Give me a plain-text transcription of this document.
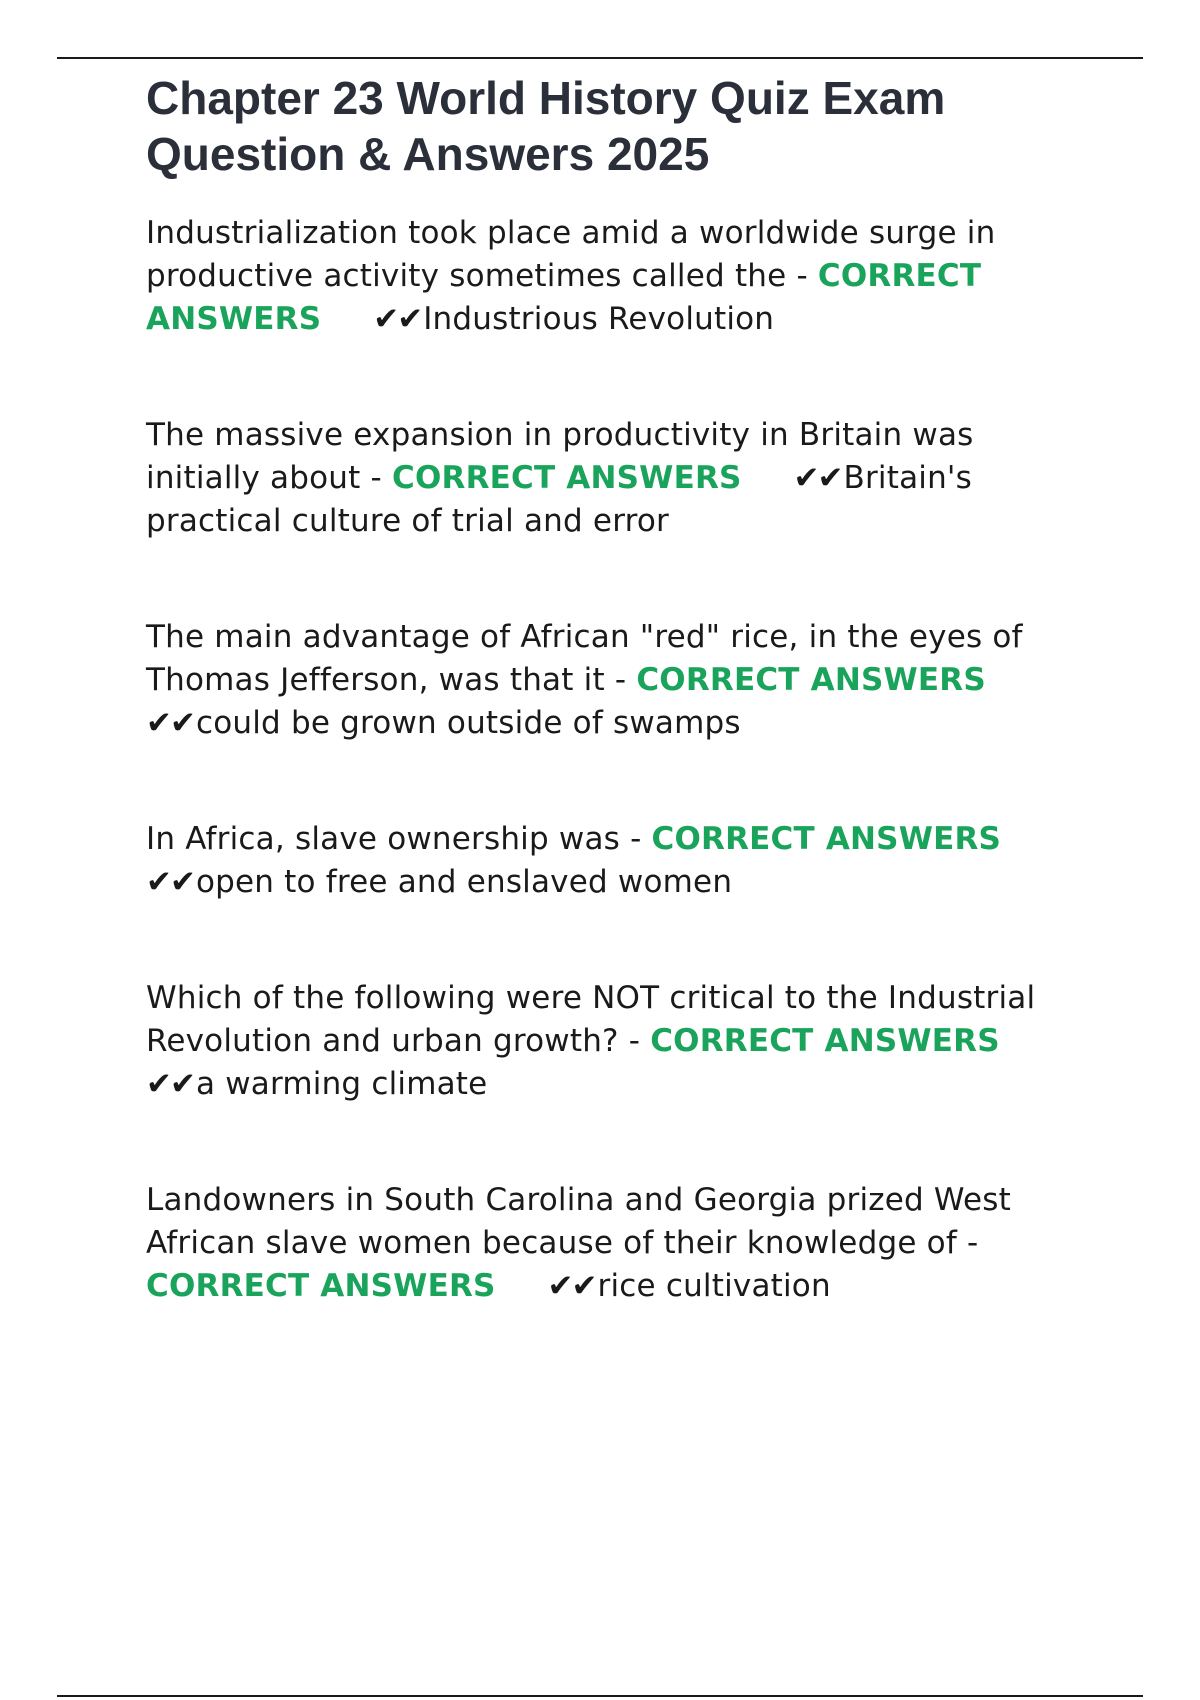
Chapter 23 World History Quiz Exam Question & Answers 2025
Industrialization took place amid a worldwide surge in productive activity sometimes called the - CORRECT ANSWERS ✔✔Industrious Revolution
The massive expansion in productivity in Britain was initially about - CORRECT ANSWERS ✔✔Britain's practical culture of trial and error
The main advantage of African "red" rice, in the eyes of Thomas Jefferson, was that it - CORRECT ANSWERS✔✔could be grown outside of swamps
In Africa, slave ownership was - CORRECT ANSWERS✔✔open to free and enslaved women
Which of the following were NOT critical to the Industrial Revolution and urban growth? - CORRECT ANSWERS✔✔a warming climate
Landowners in South Carolina and Georgia prized West African slave women because of their knowledge of - CORRECT ANSWERS ✔✔rice cultivation
